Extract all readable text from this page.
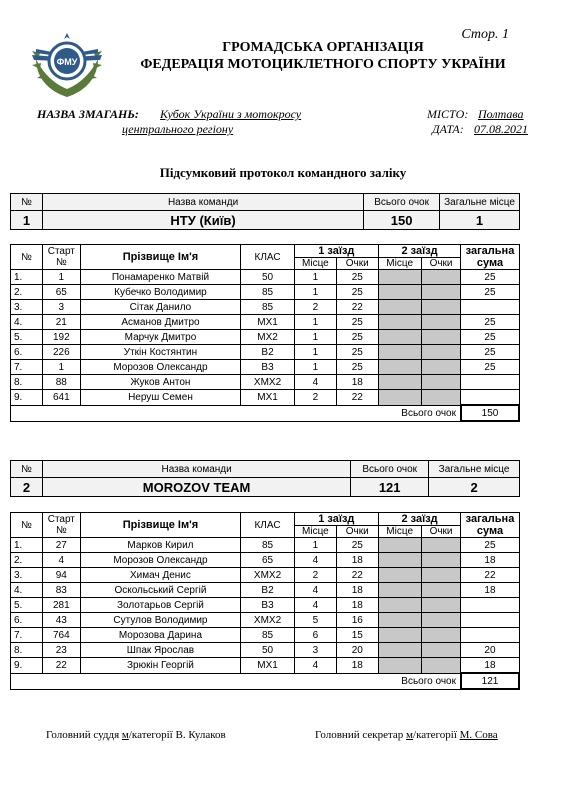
Стор. 1
ФМУ
ГРОМАДСЬКА ОРГАНІЗАЦІЯ
ФЕДЕРАЦІЯ МОТОЦИКЛЕТНОГО СПОРТУ УКРАЇНИ
НАЗВА ЗМАГАНЬ: Кубок України з мотокросу
центрального регіону
МІСТО: Полтава
ДАТА: 07.08.2021
Підсумковий протокол командного заліку
№	Назва команди	Всього очок	Загальне місце
1	НТУ (Київ)	150	1
№	Старт №	Прізвище Ім'я	КЛАС	1 заїзд		2 заїзд		загальна сума
				Місце	Очки	Місце	Очки	
1.	1	Понамаренко Матвій	50	1	25			25
2.	65	Кубечко Володимир	85	1	25			25
3.	3	Сітак Данило	85	2	22			
4.	21	Асманов Дмитро	MX1	1	25			25
5.	192	Марчук Дмитро	MX2	1	25			25
6.	226	Уткін Костянтин	B2	1	25			25
7.	1	Морозов Олександр	B3	1	25			25
8.	88	Жуков Антон	ХМХ2	4	18			
9.	641	Неруш Семен	MX1	2	22			
Всього очок								150
№	Назва команди	Всього очок	Загальне місце
2	MOROZOV TEAM	121	2
№	Старт №	Прізвище Ім'я	КЛАС	1 заїзд		2 заїзд		загальна сума
				Місце	Очки	Місце	Очки	
1.	27	Марков Кирил	85	1	25			25
2.	4	Морозов Олександр	65	4	18			18
3.	94	Химач Денис	ХМХ2	2	22			22
4.	83	Оскольський Сергій	B2	4	18			18
5.	281	Золотарьов Сергій	B3	4	18			
6.	43	Сутулов Володимир	ХМХ2	5	16			
7.	764	Морозова Дарина	85	6	15			
8.	23	Шпак Ярослав	50	3	20			20
9.	22	Зрюкін Георгій	MX1	4	18			18
Всього очок								121
Головний суддя м/категорії В. Кулаков	Головний секретар м/категорії М. Сова
